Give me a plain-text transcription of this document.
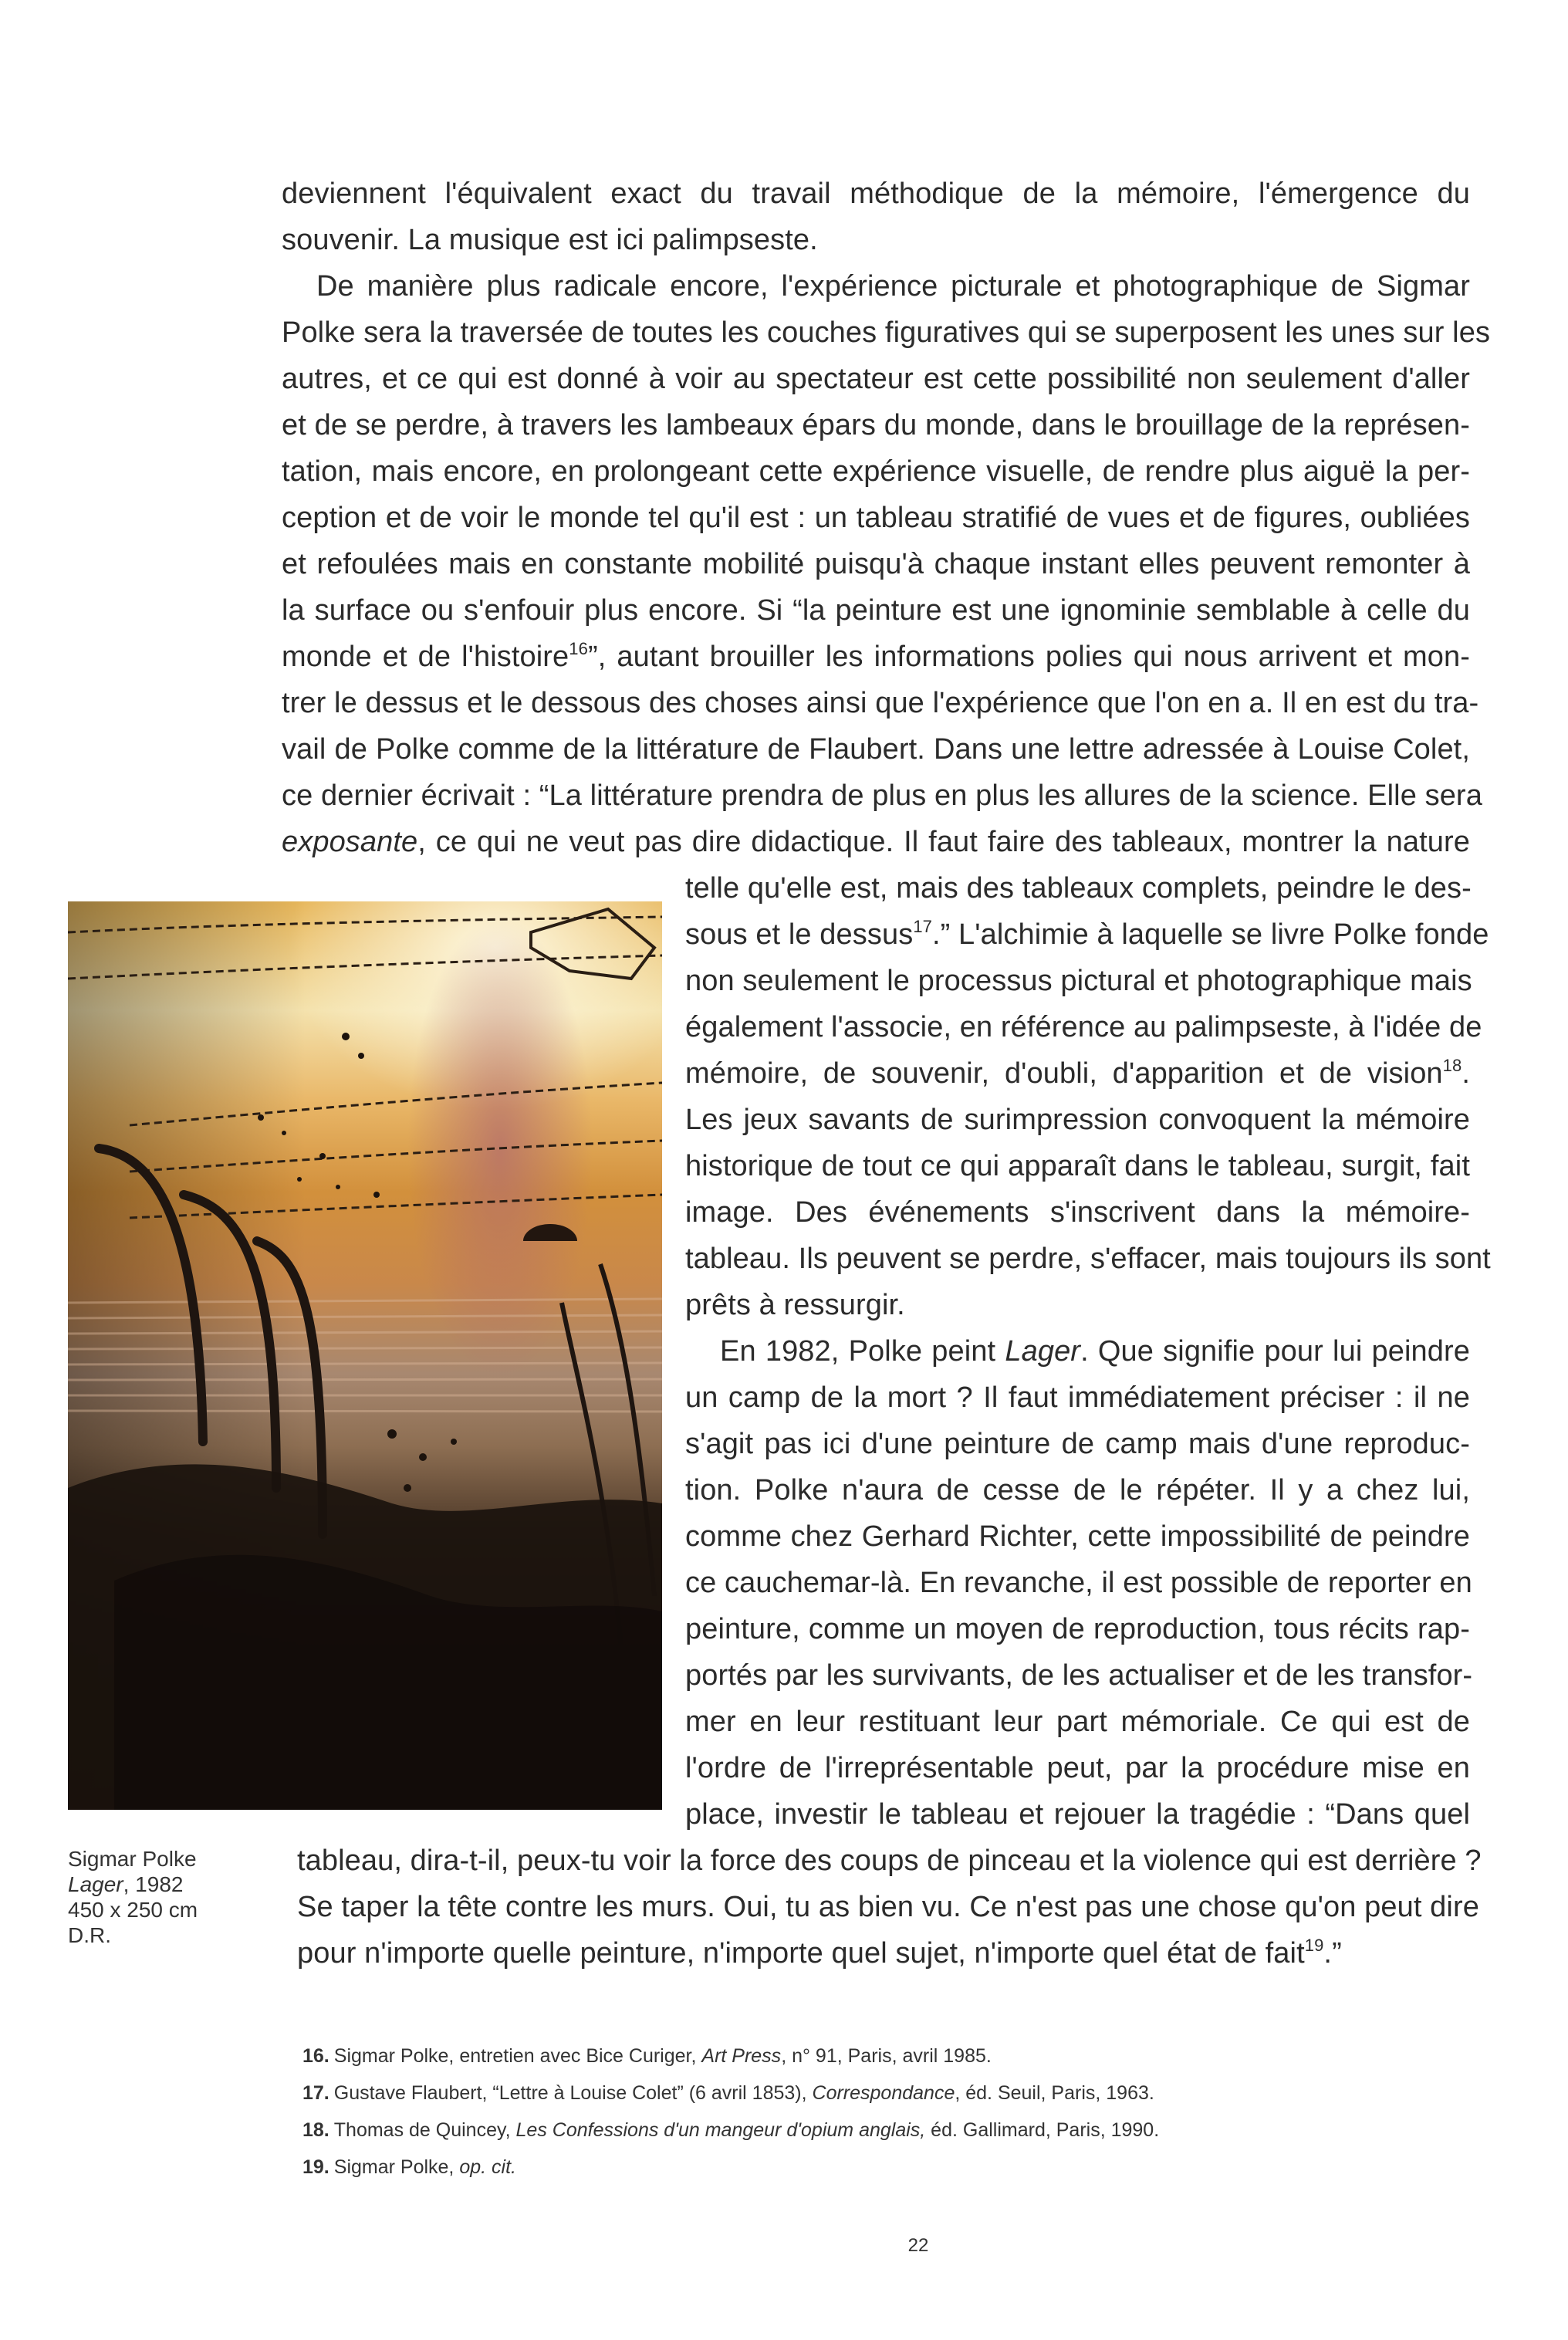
deviennent l'équivalent exact du travail méthodique de la mémoire, l'émergence du
souvenir. La musique est ici palimpseste.
De manière plus radicale encore, l'expérience picturale et photographique de Sigmar
Polke sera la traversée de toutes les couches figuratives qui se superposent les unes sur les
autres, et ce qui est donné à voir au spectateur est cette possibilité non seulement d'aller
et de se perdre, à travers les lambeaux épars du monde, dans le brouillage de la représen-
tation, mais encore, en prolongeant cette expérience visuelle, de rendre plus aiguë la per-
ception et de voir le monde tel qu'il est : un tableau stratifié de vues et de figures, oubliées
et refoulées mais en constante mobilité puisqu'à chaque instant elles peuvent remonter à
la surface ou s'enfouir plus encore. Si “la peinture est une ignominie semblable à celle du
monde et de l'histoire$^{16}$”, autant brouiller les informations polies qui nous arrivent et mon-
trer le dessus et le dessous des choses ainsi que l'expérience que l'on en a. Il en est du tra-
vail de Polke comme de la littérature de Flaubert. Dans une lettre adressée à Louise Colet,
ce dernier écrivait : “La littérature prendra de plus en plus les allures de la science. Elle sera
exposante, ce qui ne veut pas dire didactique. Il faut faire des tableaux, montrer la nature
telle qu'elle est, mais des tableaux complets, peindre le des-
sous et le dessus$^{17}$.” L'alchimie à laquelle se livre Polke fonde
non seulement le processus pictural et photographique mais
également l'associe, en référence au palimpseste, à l'idée de
mémoire, de souvenir, d'oubli, d'apparition et de vision$^{18}$.
Les jeux savants de surimpression convoquent la mémoire
historique de tout ce qui apparaît dans le tableau, surgit, fait
image. Des événements s'inscrivent dans la mémoire-
tableau. Ils peuvent se perdre, s'effacer, mais toujours ils sont
prêts à ressurgir.
En 1982, Polke peint Lager. Que signifie pour lui peindre
un camp de la mort ? Il faut immédiatement préciser : il ne
s'agit pas ici d'une peinture de camp mais d'une reproduc-
tion. Polke n'aura de cesse de le répéter. Il y a chez lui,
comme chez Gerhard Richter, cette impossibilité de peindre
ce cauchemar-là. En revanche, il est possible de reporter en
peinture, comme un moyen de reproduction, tous récits rap-
portés par les survivants, de les actualiser et de les transfor-
mer en leur restituant leur part mémoriale. Ce qui est de
l'ordre de l'irreprésentable peut, par la procédure mise en
place, investir le tableau et rejouer la tragédie : “Dans quel
tableau, dira-t-il, peux-tu voir la force des coups de pinceau et la violence qui est derrière ?
Se taper la tête contre les murs. Oui, tu as bien vu. Ce n'est pas une chose qu'on peut dire
pour n'importe quelle peinture, n'importe quel sujet, n'importe quel état de fait$^{19}$.”
Sigmar Polke
Lager, 1982
450 x 250 cm
D.R.
16. Sigmar Polke, entretien avec Bice Curiger, Art Press, n° 91, Paris, avril 1985.
17. Gustave Flaubert, “Lettre à Louise Colet” (6 avril 1853), Correspondance, éd. Seuil, Paris, 1963.
18. Thomas de Quincey, Les Confessions d'un mangeur d'opium anglais, éd. Gallimard, Paris, 1990.
19. Sigmar Polke, op. cit.
22
